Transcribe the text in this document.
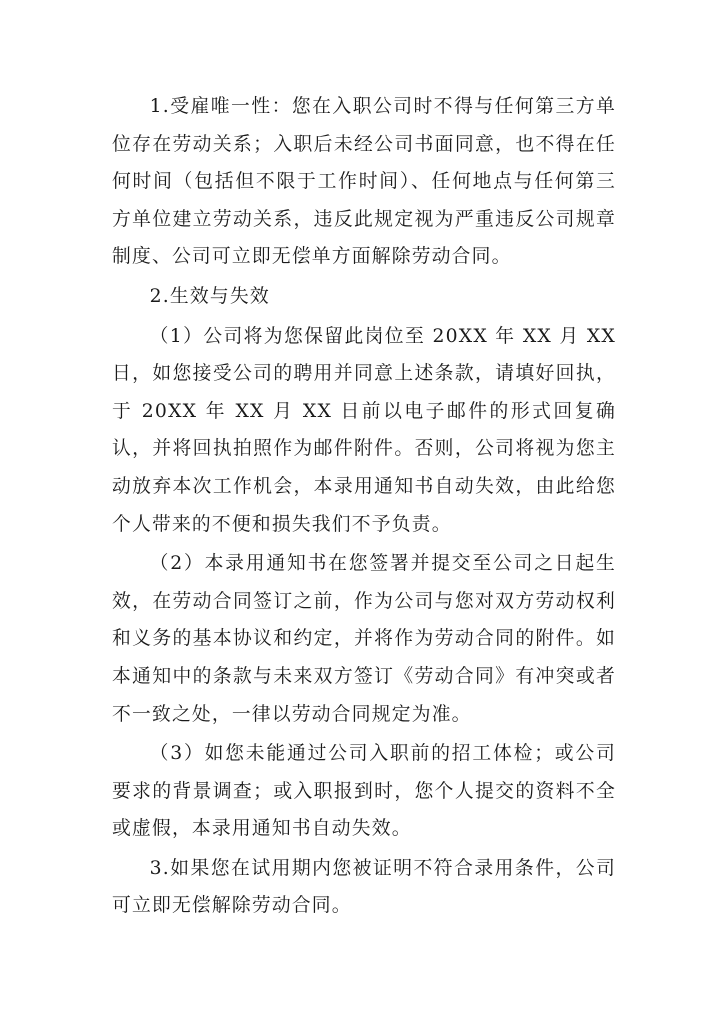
1.受雇唯一性：您在入职公司时不得与任何第三方单位存在劳动关系；入职后未经公司书面同意，也不得在任何时间（包括但不限于工作时间）、任何地点与任何第三方单位建立劳动关系，违反此规定视为严重违反公司规章制度、公司可立即无偿单方面解除劳动合同。

2.生效与失效

（1）公司将为您保留此岗位至 20XX 年 XX 月 XX 日，如您接受公司的聘用并同意上述条款，请填好回执，于 20XX 年 XX 月 XX 日前以电子邮件的形式回复确认，并将回执拍照作为邮件附件。否则，公司将视为您主动放弃本次工作机会，本录用通知书自动失效，由此给您个人带来的不便和损失我们不予负责。

（2）本录用通知书在您签署并提交至公司之日起生效，在劳动合同签订之前，作为公司与您对双方劳动权利和义务的基本协议和约定，并将作为劳动合同的附件。如本通知中的条款与未来双方签订《劳动合同》有冲突或者不一致之处，一律以劳动合同规定为准。

（3）如您未能通过公司入职前的招工体检；或公司要求的背景调查；或入职报到时，您个人提交的资料不全或虚假，本录用通知书自动失效。

3.如果您在试用期内您被证明不符合录用条件，公司可立即无偿解除劳动合同。
